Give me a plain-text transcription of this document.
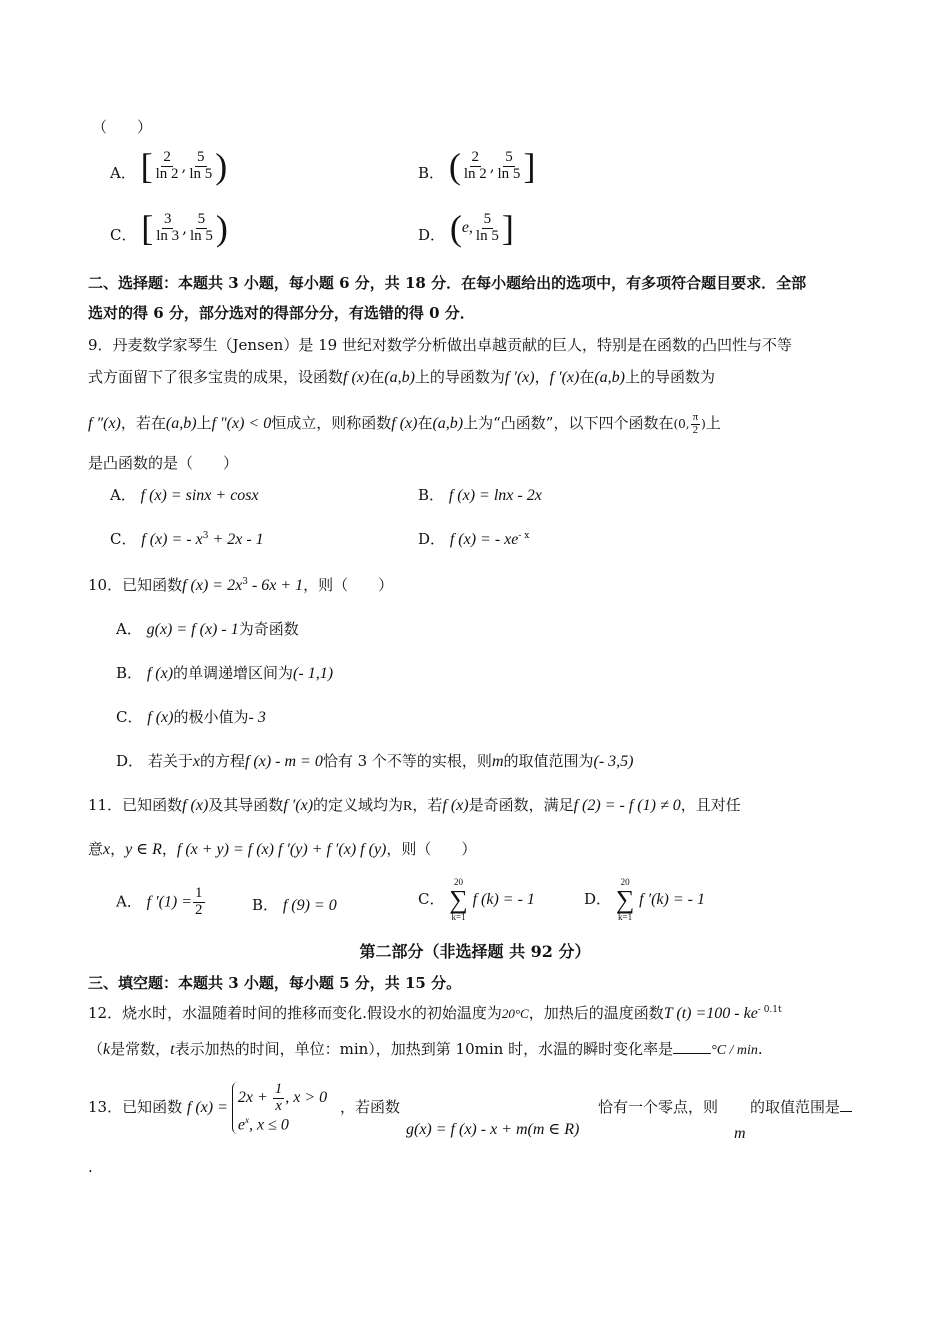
（　　）
A． [ $\frac{2}{\ln 2}$ , $\frac{5}{\ln 5}$ )	B． ( $\frac{2}{\ln 2}$ , $\frac{5}{\ln 5}$ ]
C． [ $\frac{3}{\ln 3}$ , $\frac{5}{\ln 5}$ )	D． ( e, $\frac{5}{\ln 5}$ ]
二、选择题：本题共 3 小题，每小题 6 分，共 18 分．在每小题给出的选项中，有多项符合题目要求．全部
选对的得 6 分，部分选对的得部分分，有选错的得 0 分．
9．丹麦数学家琴生（Jensen）是 19 世纪对数学分析做出卓越贡献的巨人，特别是在函数的凸凹性与不等
式方面留下了很多宝贵的成果，设函数f (x)在(a,b)上的导函数为f ′(x)，f ′(x)在(a,b)上的导函数为
f ″(x)，若在(a,b)上f ″(x) < 0恒成立，则称函数f (x)在(a,b)上为“凸函数”，以下四个函数在(0, $\frac{\pi}{2}$ )上
是凸函数的是（　　）
A． f (x) = sinx + cosx	B． f (x) = lnx - 2x
C． f (x) = - $x^3 + 2x - 1$	D． f (x) = - $xe^{- x}$
10．已知函数f $(x) = 2x^3 - 6x + 1$，则（　　）
A． g(x) = f (x) - 1为奇函数
B． f (x)的单调递增区间为(- 1,1)
C． f (x)的极小值为- 3
D． 若关于x的方程f (x) - m = 0恰有 3 个不等的实根，则m的取值范围为(- 3,5)
11．已知函数f (x)及其导函数f ′(x)的定义域均为R，若f (x)是奇函数，满足f (2) = - f (1) ≠ 0，且对任
意x，y ∈ R，f (x + y) = f (x) f ′(y) + f ′(x) f (y)，则（　　）
A． f $'(1) = \frac{1}{2}$	B． f (9) = 0	C．
20
∑
k=1
f (k) = - 1	D．
20
∑
k=1
f ′(k) = - 1
第二部分（非选择题 共 92 分）
三、填空题：本题共 3 小题，每小题 5 分，共 15 分。
12．烧水时，水温随着时间的推移而变化.假设水的初始温度为20°C，加热后的温度函数T $(t) =100 - ke^{- 0.1t}$
（k是常数，t表示加热的时间，单位：min），加热到第 10min 时，水温的瞬时变化率是	°C / min.
13．已知函数 f (x) =
$2x + \frac{1}{x}$ , x > 0
$e^x$, x ≤ 0
，若函数
g(x) = f (x) - x + m(m ∈ R)
恰有一个零点，则
m
的取值范围是
.
